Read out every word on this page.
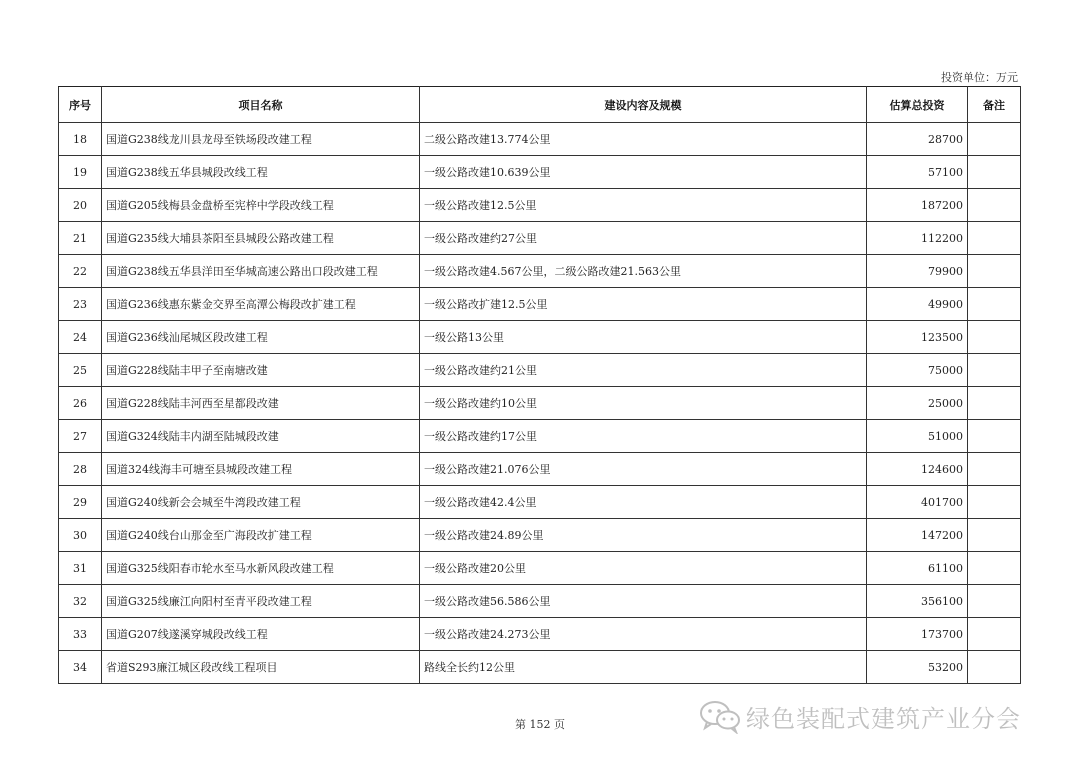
投资单位：万元
序号	项目名称	建设内容及规模	估算总投资	备注
18	国道G238线龙川县龙母至铁场段改建工程	二级公路改建13.774公里	28700	
19	国道G238线五华县城段改线工程	一级公路改建10.639公里	57100	
20	国道G205线梅县金盘桥至宪梓中学段改线工程	一级公路改建12.5公里	187200	
21	国道G235线大埔县茶阳至县城段公路改建工程	一级公路改建约27公里	112200	
22	国道G238线五华县洋田至华城高速公路出口段改建工程	一级公路改建4.567公里，二级公路改建21.563公里	79900	
23	国道G236线惠东紫金交界至高潭公梅段改扩建工程	一级公路改扩建12.5公里	49900	
24	国道G236线汕尾城区段改建工程	一级公路13公里	123500	
25	国道G228线陆丰甲子至南塘改建	一级公路改建约21公里	75000	
26	国道G228线陆丰河西至星都段改建	一级公路改建约10公里	25000	
27	国道G324线陆丰内湖至陆城段改建	一级公路改建约17公里	51000	
28	国道324线海丰可塘至县城段改建工程	一级公路改建21.076公里	124600	
29	国道G240线新会会城至牛湾段改建工程	一级公路改建42.4公里	401700	
30	国道G240线台山那金至广海段改扩建工程	一级公路改建24.89公里	147200	
31	国道G325线阳春市轮水至马水新风段改建工程	一级公路改建20公里	61100	
32	国道G325线廉江向阳村至青平段改建工程	一级公路改建56.586公里	356100	
33	国道G207线遂溪穿城段改线工程	一级公路改建24.273公里	173700	
34	省道S293廉江城区段改线工程项目	路线全长约12公里	53200	
第 152 页	绿色装配式建筑产业分会
